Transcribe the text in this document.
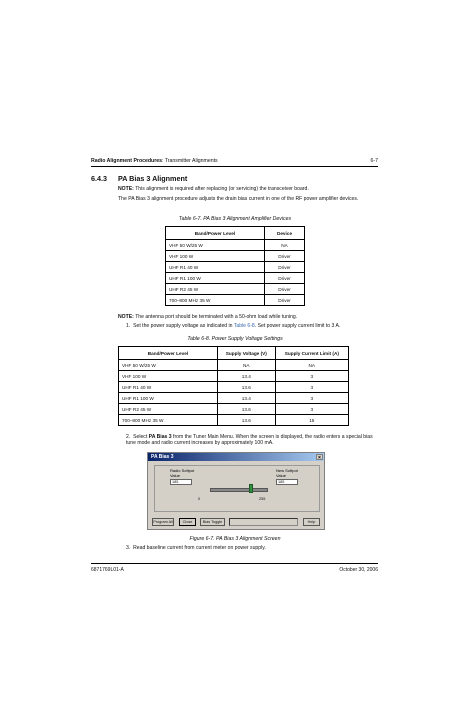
Radio Alignment Procedures: Transmitter Alignments	6-7
6.4.3 PA Bias 3 Alignment
NOTE: This alignment is required after replacing (or servicing) the transceiver board.
The PA Bias 3 alignment procedure adjusts the drain bias current in one of the RF power amplifier devices.
Table 6-7. PA Bias 3 Alignment Amplifier Devices
Band/Power Level	Device
VHF 50 W/25 W	NA
VHF 100 W	Driver
UHF R1 40 W	Driver
UHF R1 100 W	Driver
UHF R2 45 W	Driver
700–800 MHz 35 W	Driver
NOTE: The antenna port should be terminated with a 50-ohm load while tuning.
1. Set the power supply voltage as indicated in Table 6-8. Set power supply current limit to 3 A.
Table 6-8. Power Supply Voltage Settings
Band/Power Level	Supply Voltage (V)	Supply Current Limit (A)
VHF 50 W/25 W	NA	NA
VHF 100 W	13.4	3
UHF R1 40 W	13.6	3
UHF R1 100 W	13.4	3
UHF R2 45 W	13.6	3
700–800 MHz 35 W	13.6	15
2. Select PA Bias 3 from the Tuner Main Menu. When the screen is displayed, the radio enters a special bias tune mode and radio current increases by approximately 100 mA.
PA Bias 3	×
Radio Softpot
Value
185
New Softpot
Value
185
0	255
Program All	Close	Bias Toggle	Help
Figure 6-7. PA Bias 3 Alignment Screen
3. Read baseline current from current meter on power supply.
6871769L01-A	October 30, 2006
